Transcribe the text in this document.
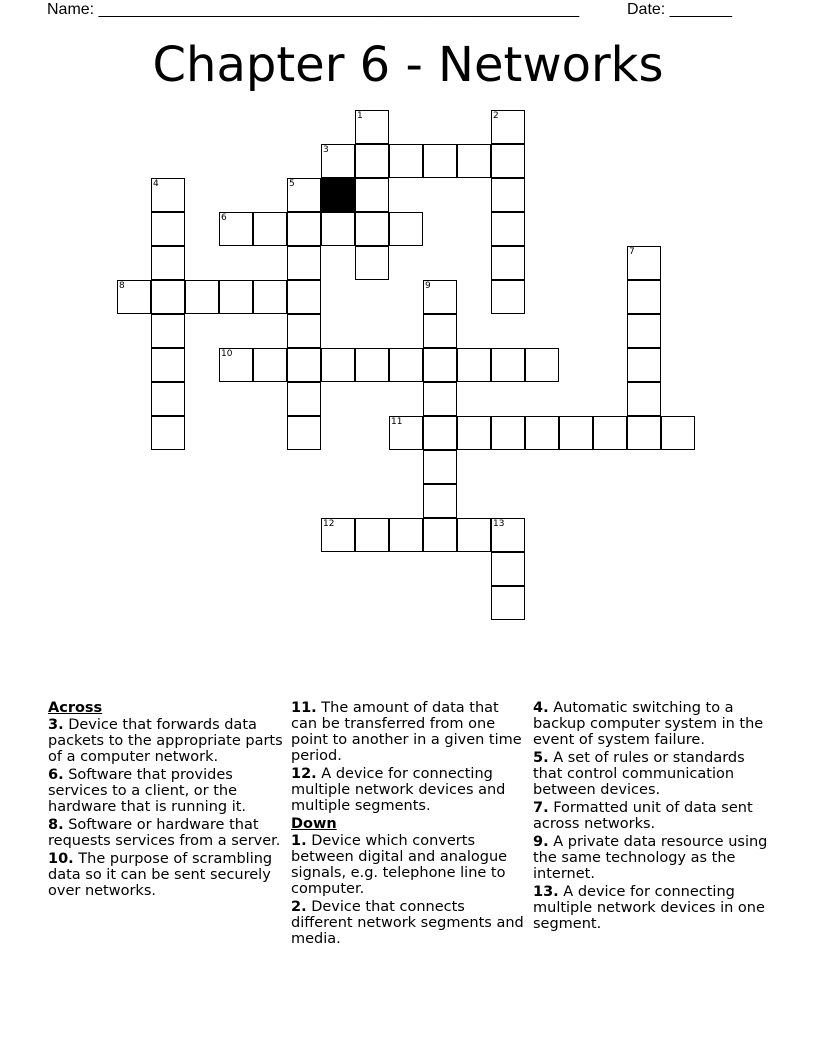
Name: ______________________________________________________	Date: _______
Chapter 6 - Networks
1	2
3
4	5
6
7
8	9
10
11
12	13

Across

3. Device that forwards data packets to the appropriate parts of a computer network.

6. Software that provides services to a client, or the hardware that is running it.

8. Software or hardware that requests services from a server.

10. The purpose of scrambling data so it can be sent securely over networks.

11. The amount of data that can be transferred from one point to another in a given time period.

12. A device for connecting multiple network devices and multiple segments.

Down

1. Device which converts between digital and analogue signals, e.g. telephone line to computer.

2. Device that connects different network segments and media.

4. Automatic switching to a backup computer system in the event of system failure.

5. A set of rules or standards that control communication between devices.

7. Formatted unit of data sent across networks.

9. A private data resource using the same technology as the internet.

13. A device for connecting multiple network devices in one segment.
